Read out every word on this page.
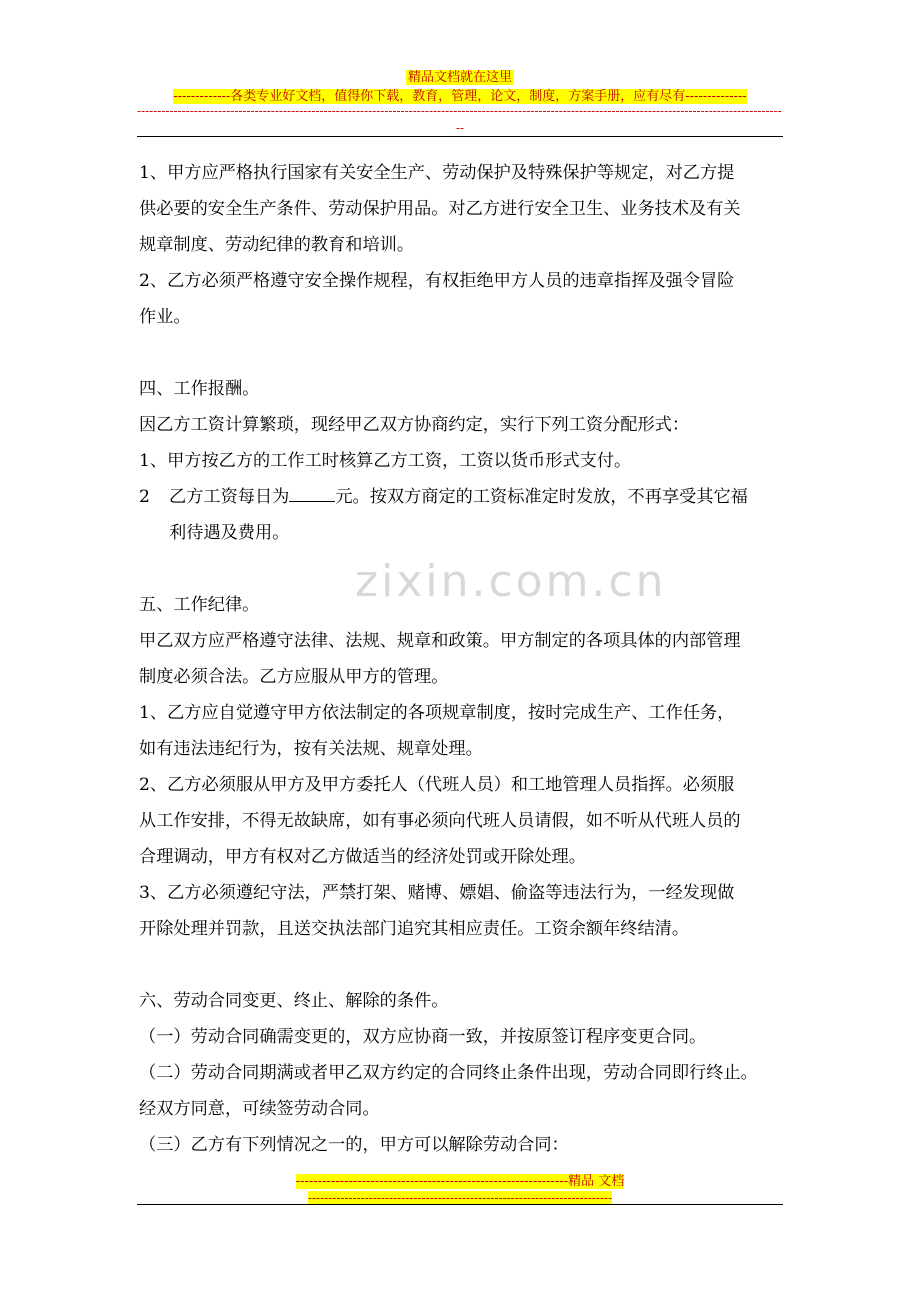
精品文档就在这里
-------------各类专业好文档，值得你下载，教育，管理，论文，制度，方案手册，应有尽有--------------
---------------------------------------------------------------------------------------------------------------------------------------------------------------
--
zixin.com.cn

1、甲方应严格执行国家有关安全生产、劳动保护及特殊保护等规定，对乙方提

供必要的安全生产条件、劳动保护用品。对乙方进行安全卫生、业务技术及有关

规章制度、劳动纪律的教育和培训。

2、乙方必须严格遵守安全操作规程，有权拒绝甲方人员的违章指挥及强令冒险

作业。

四、工作报酬。

因乙方工资计算繁琐，现经甲乙双方协商约定，实行下列工资分配形式：

1、甲方按乙方的工作工时核算乙方工资，工资以货币形式支付。

2 乙方工资每日为	元。按双方商定的工资标准定时发放，不再享受其它福

利待遇及费用。

五、工作纪律。

甲乙双方应严格遵守法律、法规、规章和政策。甲方制定的各项具体的内部管理

制度必须合法。乙方应服从甲方的管理。

1、乙方应自觉遵守甲方依法制定的各项规章制度，按时完成生产、工作任务，

如有违法违纪行为，按有关法规、规章处理。

2、乙方必须服从甲方及甲方委托人（代班人员）和工地管理人员指挥。必须服

从工作安排，不得无故缺席，如有事必须向代班人员请假，如不听从代班人员的

合理调动，甲方有权对乙方做适当的经济处罚或开除处理。

3、乙方必须遵纪守法，严禁打架、赌博、嫖娼、偷盗等违法行为，一经发现做

开除处理并罚款，且送交执法部门追究其相应责任。工资余额年终结清。

六、劳动合同变更、终止、解除的条件。

（一）劳动合同确需变更的，双方应协商一致，并按原签订程序变更合同。

（二）劳动合同期满或者甲乙双方约定的合同终止条件出现，劳动合同即行终止。

经双方同意，可续签劳动合同。

（三）乙方有下列情况之一的，甲方可以解除劳动合同：

--------------------------------------------------------------精品 文档
---------------------------------------------------------------------------
